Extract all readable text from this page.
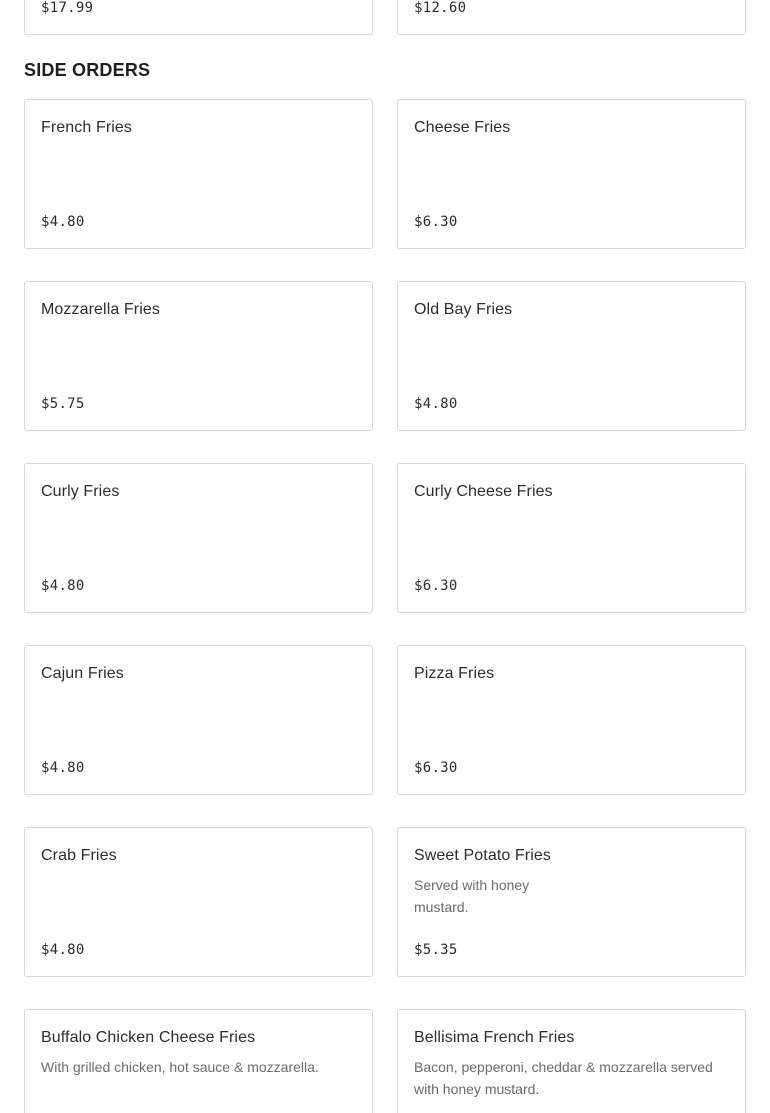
$17.99	$12.60
SIDE ORDERS
French Fries
$4.80
Cheese Fries
$6.30
Mozzarella Fries
$5.75
Old Bay Fries
$4.80
Curly Fries
$4.80
Curly Cheese Fries
$6.30
Cajun Fries
$4.80
Pizza Fries
$6.30
Crab Fries
$4.80
Sweet Potato Fries
Served with honey mustard.
$5.35
Buffalo Chicken Cheese Fries
With grilled chicken, hot sauce & mozzarella.
Bellisima French Fries
Bacon, pepperoni, cheddar & mozzarella served with honey mustard.
